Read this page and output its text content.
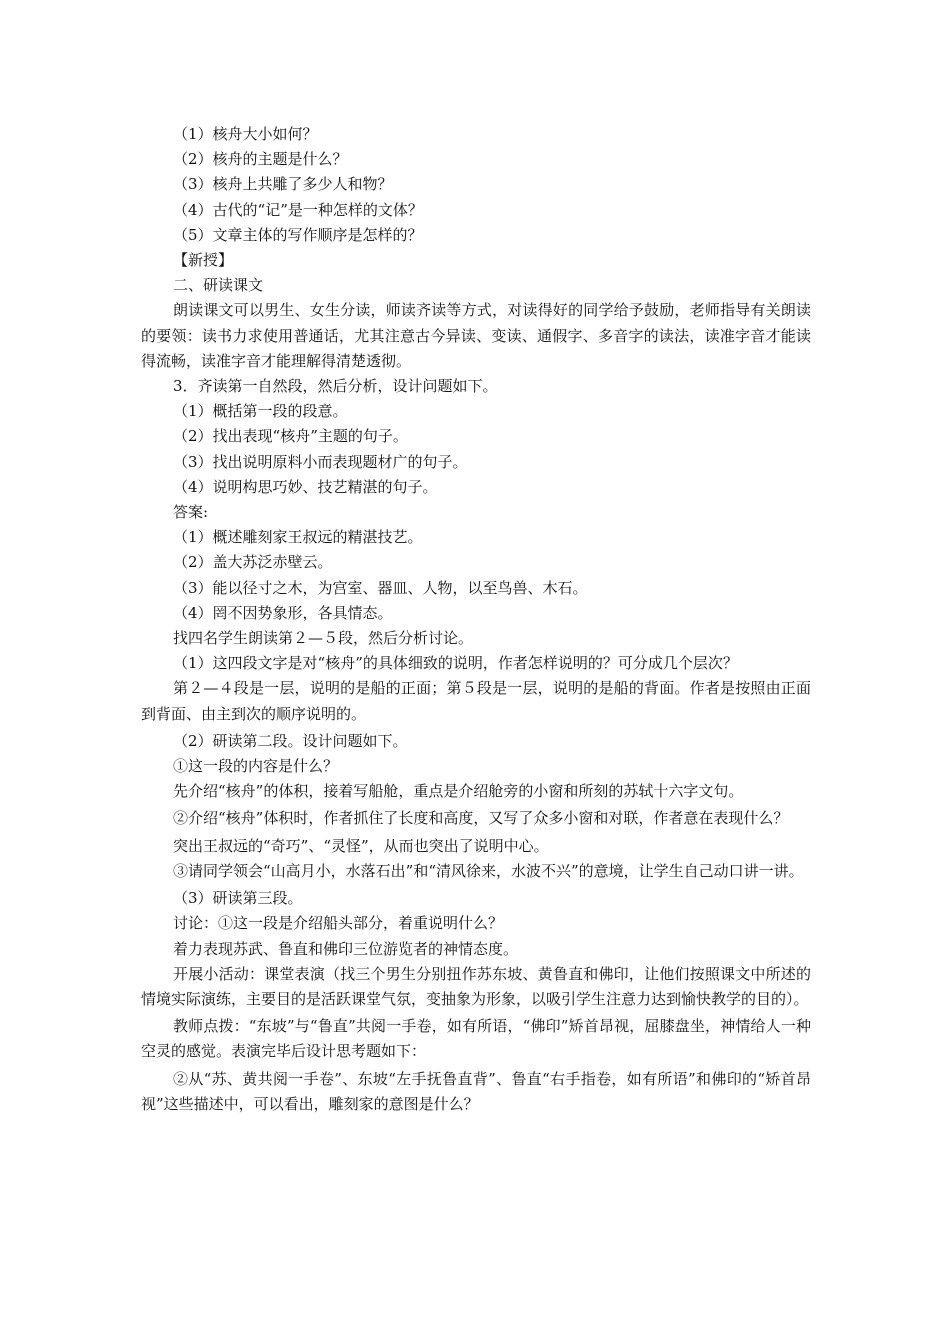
（1）核舟大小如何？

（2）核舟的主题是什么？

（3）核舟上共雕了多少人和物？

（4）古代的“记”是一种怎样的文体？

（5）文章主体的写作顺序是怎样的？

【新授】

二、研读课文

朗读课文可以男生、女生分读，师读齐读等方式，对读得好的同学给予鼓励，老师指导有关朗读的要领：读书力求使用普通话，尤其注意古今异读、变读、通假字、多音字的读法，读准字音才能读得流畅，读准字音才能理解得清楚透彻。

3．齐读第一自然段，然后分析，设计问题如下。

（1）概括第一段的段意。

（2）找出表现“核舟”主题的句子。

（3）找出说明原料小而表现题材广的句子。

（4）说明构思巧妙、技艺精湛的句子。

答案:

（1）概述雕刻家王叔远的精湛技艺。

（2）盖大苏泛赤壁云。

（3）能以径寸之木，为宫室、器皿、人物，以至鸟兽、木石。

（4）罔不因势象形，各具情态。

找四名学生朗读第２—５段，然后分析讨论。

（1）这四段文字是对“核舟”的具体细致的说明，作者怎样说明的？可分成几个层次？

第２—４段是一层，说明的是船的正面；第５段是一层，说明的是船的背面。作者是按照由正面到背面、由主到次的顺序说明的。

（2）研读第二段。设计问题如下。

①这一段的内容是什么？

先介绍“核舟”的体积，接着写船舱，重点是介绍舱旁的小窗和所刻的苏轼十六字文句。

②介绍“核舟”体积时，作者抓住了长度和高度，又写了众多小窗和对联，作者意在表现什么？

突出王叔远的“奇巧”、“灵怪”，从而也突出了说明中心。

③请同学领会“山高月小，水落石出”和“清风徐来，水波不兴”的意境，让学生自己动口讲一讲。

（3）研读第三段。

讨论：①这一段是介绍船头部分，着重说明什么？

着力表现苏武、鲁直和佛印三位游览者的神情态度。

开展小活动：课堂表演（找三个男生分别扭作苏东坡、黄鲁直和佛印，让他们按照课文中所述的情境实际演练，主要目的是活跃课堂气氛，变抽象为形象，以吸引学生注意力达到愉快教学的目的）。

教师点拨：“东坡”与“鲁直”共阅一手卷，如有所语，“佛印”矫首昂视，屈膝盘坐，神情给人一种空灵的感觉。表演完毕后设计思考题如下：

②从“苏、黄共阅一手卷”、东坡“左手抚鲁直背”、鲁直“右手指卷，如有所语”和佛印的“矫首昂视”这些描述中，可以看出，雕刻家的意图是什么？
